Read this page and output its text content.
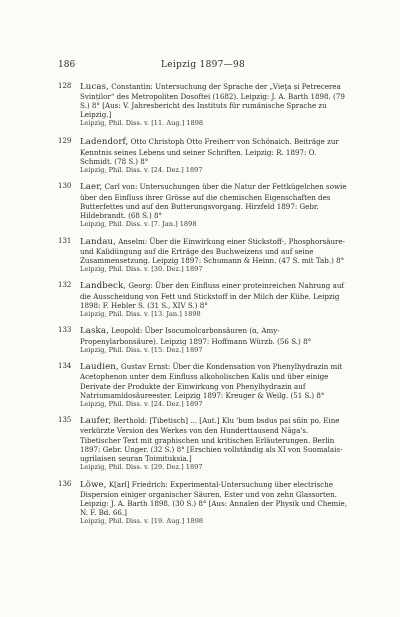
186	Leipzig 1897—98
128 Lucas, Constantin: Untersuchung der Sprache der „Vieţa și Petrecerea Svinților“ des Metropoliten Dosoftei (1682). Leipzig: J. A. Barth 1898. (79 S.) 8° [Aus: V. Jahresbericht des Instituts für rumänische Sprache zu Leipzig.]
Leipzig, Phil. Diss. v. [11. Aug.] 1898
129 Ladendorf, Otto Christoph Otto Freiherr von Schönaich. Beiträge zur Kenntnis seines Lebens und seiner Schriften. Leipzig: R. 1897: O. Schmidt. (78 S.) 8°
Leipzig, Phil. Diss. v. [24. Dez.] 1897
130 Laer, Carl von: Untersuchungen über die Natur der Fettkügelchen sowie über den Einfluss ihrer Grösse auf die chemischen Eigenschaften des Butterfettes und auf den Butterungsvorgang. Hirzfeld 1897: Gebr. Hildebrandt. (68 S.) 8°
Leipzig, Phil. Diss. v. [7. Jan.] 1898
131 Landau, Anselm: Über die Einwirkung einer Stickstoff-, Phosphorsäure- und Kalidüngung auf die Erträge des Buchweizens und auf seine Zusammensetzung. Leipzig 1897: Schumann & Heinn. (47 S. mit Tab.) 8°
Leipzig, Phil. Diss. v. [30. Dez.] 1897
132 Landbeck, Georg: Über den Einfluss einer proteinreichen Nahrung auf die Ausscheidung von Fett und Stickstoff in der Milch der Kühe. Leipzig 1898: F. Hebler S. (31 S., XIV S.) 8°
Leipzig, Phil. Diss. v. [13. Jan.] 1898
133 Laska, Leopold: Über Isocumolcarbonsäuren (α, Amy-Propenylarbonsäure). Leipzig 1897: Hoffmann Würzb. (56 S.) 8°
Leipzig, Phil. Diss. v. [15. Dez.] 1897
134 Laudien, Gustav Ernst: Über die Kondensation von Phenylhydrazin mit Acetophenon unter dem Einfluss alkoholischen Kalis und über einige Derivate der Produkte der Einwirkung von Phenylhydrazin auf Natriumamidosäureester. Leipzig 1897: Kreuger & Weilg. (51 S.) 8°
Leipzig, Phil. Diss. v. [24. Dez.] 1897
135 Laufer, Berthold: [Tibetisch] ... [Aut.] Klu 'bum bsdus pai sñin po. Eine verkürzte Version des Werkes von den Hunderttausend Nāga's. Tibetischer Text mit graphischen und kritischen Erläuterungen. Berlin 1897: Gebr. Unger. (32 S.) 8° [Erschien vollständig als XI von Suomalais-ugrilaisen seuran Toimituksia.]
Leipzig, Phil. Diss. v. [29. Dez.] 1897
136 Löwe, K[arl] Friedrich: Experimental-Untersuchung über electrische Dispersion einiger organischer Säuren, Ester und von zehn Glassorten. Leipzig: J. A. Barth 1898. (30 S.) 8° [Aus: Annalen der Physik und Chemie, N. F. Bd. 66.]
Leipzig, Phil. Diss. v. [19. Aug.] 1898
